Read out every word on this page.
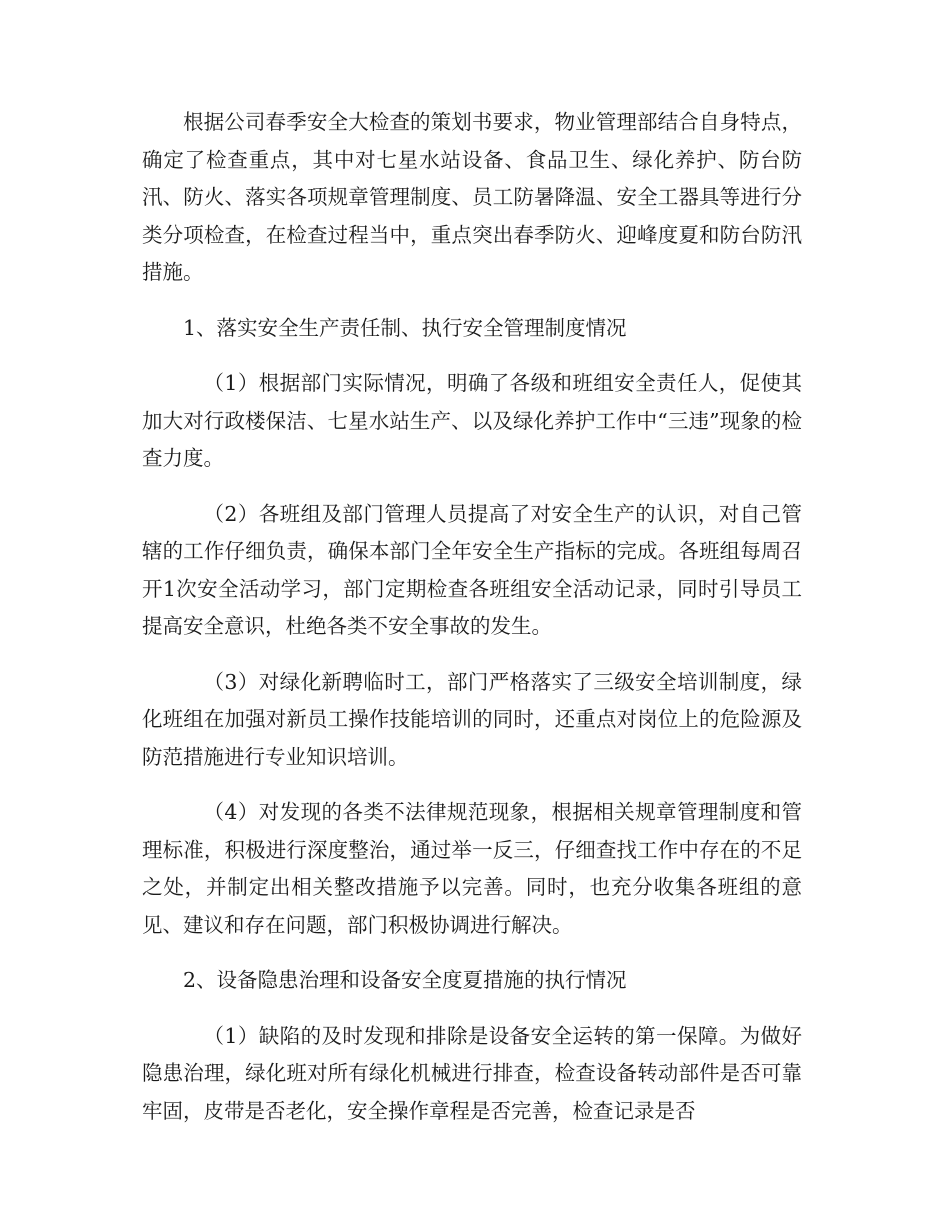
根据公司春季安全大检查的策划书要求，物业管理部结合自身特点，确定了检查重点，其中对七星水站设备、食品卫生、绿化养护、防台防汛、防火、落实各项规章管理制度、员工防暑降温、安全工器具等进行分类分项检查，在检查过程当中，重点突出春季防火、迎峰度夏和防台防汛措施。

1、落实安全生产责任制、执行安全管理制度情况

（1）根据部门实际情况，明确了各级和班组安全责任人，促使其加大对行政楼保洁、七星水站生产、以及绿化养护工作中“三违”现象的检查力度。

（2）各班组及部门管理人员提高了对安全生产的认识，对自己管辖的工作仔细负责，确保本部门全年安全生产指标的完成。各班组每周召开1次安全活动学习，部门定期检查各班组安全活动记录，同时引导员工提高安全意识，杜绝各类不安全事故的发生。

（3）对绿化新聘临时工，部门严格落实了三级安全培训制度，绿化班组在加强对新员工操作技能培训的同时，还重点对岗位上的危险源及防范措施进行专业知识培训。

（4）对发现的各类不法律规范现象，根据相关规章管理制度和管理标准，积极进行深度整治，通过举一反三，仔细查找工作中存在的不足之处，并制定出相关整改措施予以完善。同时，也充分收集各班组的意见、建议和存在问题，部门积极协调进行解决。

2、设备隐患治理和设备安全度夏措施的执行情况

（1）缺陷的及时发现和排除是设备安全运转的第一保障。为做好隐患治理，绿化班对所有绿化机械进行排查，检查设备转动部件是否可靠牢固，皮带是否老化，安全操作章程是否完善，检查记录是否
